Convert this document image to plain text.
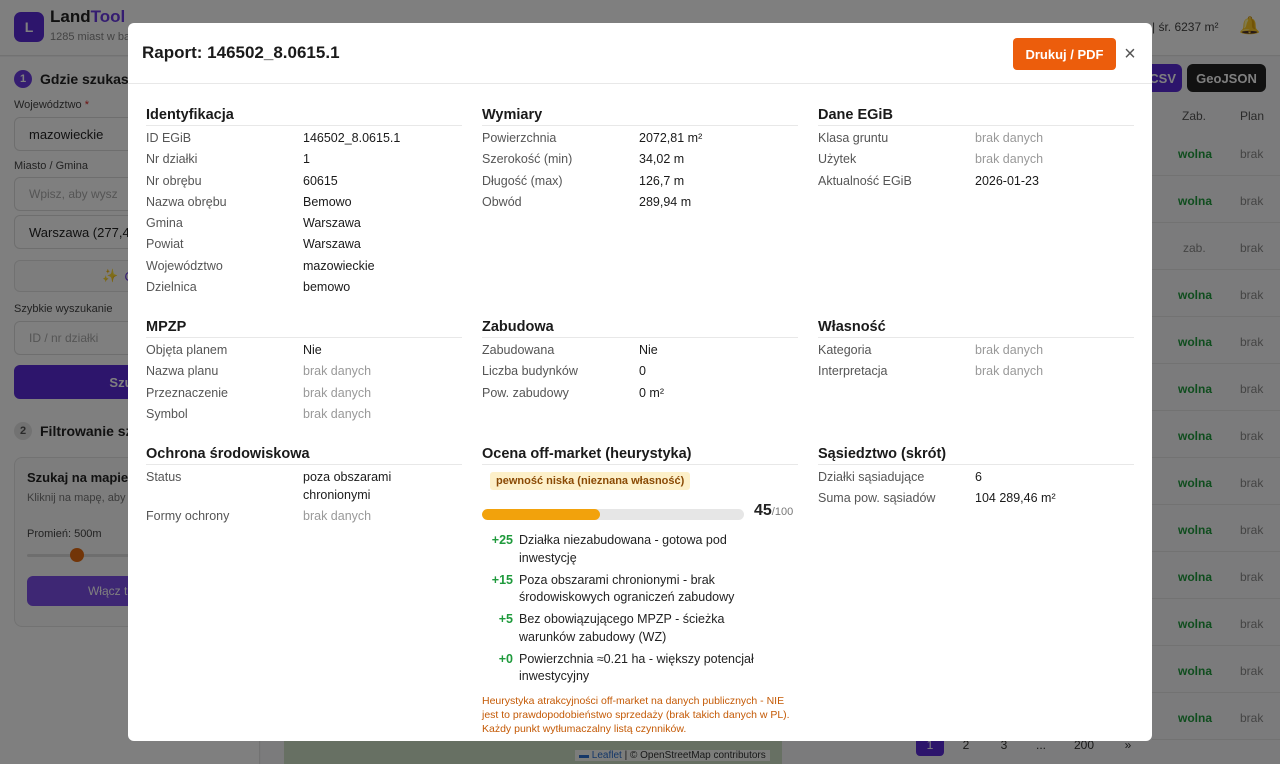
Raport: 146502_8.0615.1	Drukuj / PDF	×
Identyfikacja
ID EGiB	146502_8.0615.1
Nr działki	1
Nr obrębu	60615
Nazwa obrębu	Bemowo
Gmina	Warszawa
Powiat	Warszawa
Województwo	mazowieckie
Dzielnica	bemowo
Wymiary
Powierzchnia	2072,81 m²
Szerokość (min)	34,02 m
Długość (max)	126,7 m
Obwód	289,94 m
Dane EGiB
Klasa gruntu	brak danych
Użytek	brak danych
Aktualność EGiB	2026-01-23
MPZP
Objęta planem	Nie
Nazwa planu	brak danych
Przeznaczenie	brak danych
Symbol	brak danych
Zabudowa
Zabudowana	Nie
Liczba budynków	0
Pow. zabudowy	0 m²
Własność
Kategoria	brak danych
Interpretacja	brak danych
Ochrona środowiskowa
Status	poza obszarami chronionymi
Formy ochrony	brak danych
Ocena off-market (heurystyka)
pewność niska (nieznana własność)
45/100
+25 Działka niezabudowana - gotowa pod inwestycję
+15 Poza obszarami chronionymi - brak środowiskowych ograniczeń zabudowy
+5 Bez obowiązującego MPZP - ścieżka warunków zabudowy (WZ)
+0 Powierzchnia ≈0.21 ha - większy potencjał inwestycyjny
Heurystyka atrakcyjności off-market na danych publicznych - NIE jest to prawdopodobieństwo sprzedaży (brak takich danych w PL). Każdy punkt wytłumaczalny listą czynników.
Sąsiedztwo (skrót)
Działki sąsiadujące	6
Suma pow. sąsiadów	104 289,46 m²
